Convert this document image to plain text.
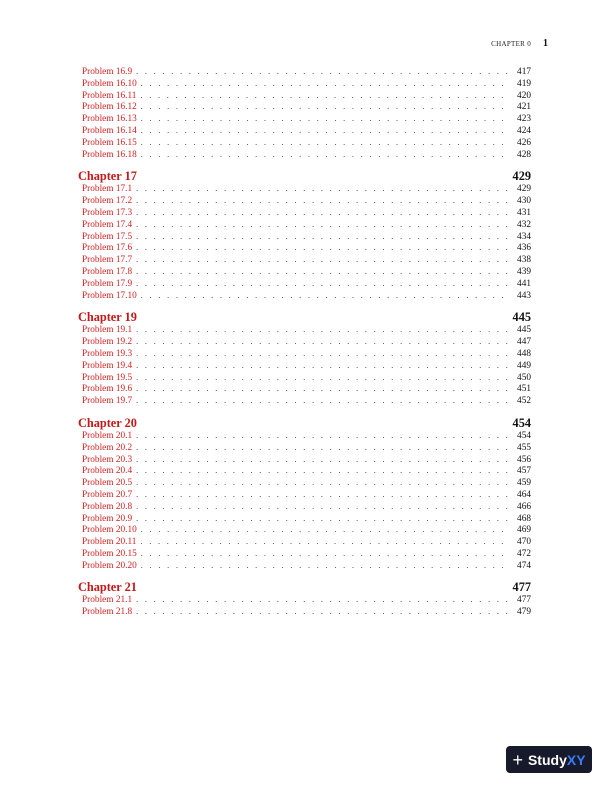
CHAPTER 0 1
Problem 16.9 . . .	417
Problem 16.10 . . .	419
Problem 16.11 . . .	420
Problem 16.12 . . .	421
Problem 16.13 . . .	423
Problem 16.14 . . .	424
Problem 16.15 . . .	426
Problem 16.18 . . .	428
Chapter 17	429
Problem 17.1 . . .	429
Problem 17.2 . . .	430
Problem 17.3 . . .	431
Problem 17.4 . . .	432
Problem 17.5 . . .	434
Problem 17.6 . . .	436
Problem 17.7 . . .	438
Problem 17.8 . . .	439
Problem 17.9 . . .	441
Problem 17.10 . . .	443
Chapter 19	445
Problem 19.1 . . .	445
Problem 19.2 . . .	447
Problem 19.3 . . .	448
Problem 19.4 . . .	449
Problem 19.5 . . .	450
Problem 19.6 . . .	451
Problem 19.7 . . .	452
Chapter 20	454
Problem 20.1 . . .	454
Problem 20.2 . . .	455
Problem 20.3 . . .	456
Problem 20.4 . . .	457
Problem 20.5 . . .	459
Problem 20.7 . . .	464
Problem 20.8 . . .	466
Problem 20.9 . . .	468
Problem 20.10 . . .	469
Problem 20.11 . . .	470
Problem 20.15 . . .	472
Problem 20.20 . . .	474
Chapter 21	477
Problem 21.1 . . .	477
Problem 21.8 . . .	479
+ StudyXY
